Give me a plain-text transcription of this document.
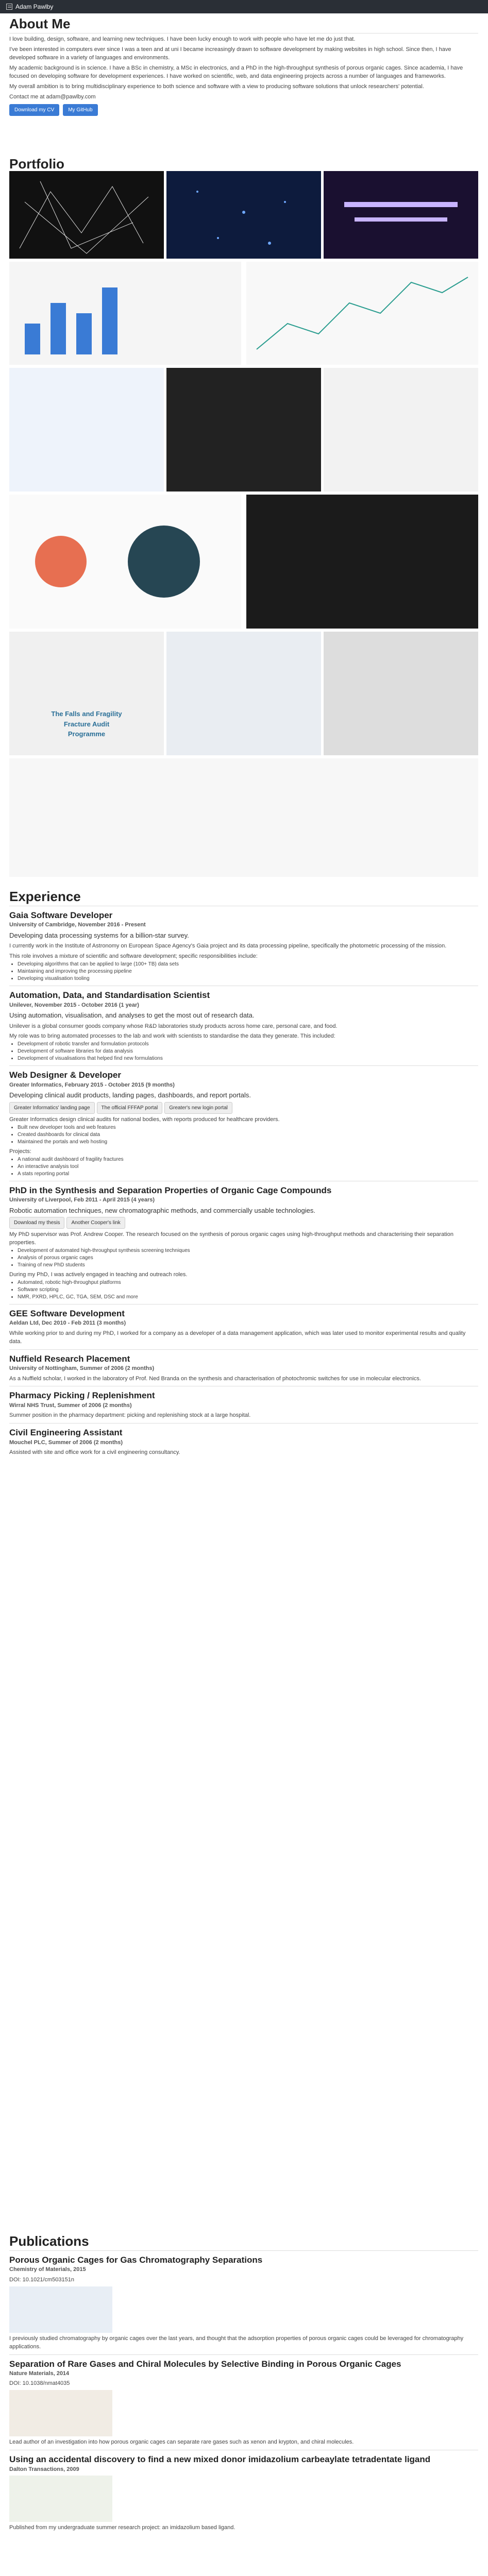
Adam Pawlby
About Me

I love building, design, software, and learning new techniques. I have been lucky enough to work with people who have let me do just that.

I've been interested in computers ever since I was a teen and at uni I became increasingly drawn to software development by making websites in high school. Since then, I have developed software in a variety of languages and environments.

My academic background is in science. I have a BSc in chemistry, a MSc in electronics, and a PhD in the high-throughput synthesis of porous organic cages. Since academia, I have focused on developing software for development experiences. I have worked on scientific, web, and data engineering projects across a number of languages and frameworks.

My overall ambition is to bring multidisciplinary experience to both science and software with a view to producing software solutions that unlock researchers' potential.

Contact me at adam@pawlby.com

Download my CV	My GitHub
Portfolio
The Falls and Fragility Fracture Audit Programme
Experience
Gaia Software Developer
University of Cambridge, November 2016 - Present
Developing data processing systems for a billion-star survey.

I currently work in the Institute of Astronomy on European Space Agency's Gaia project and its data processing pipeline, specifically the photometric processing of the mission.

This role involves a mixture of scientific and software development; specific responsibilities include:

• Developing algorithms that can be applied to large (100+ TB) data sets
• Maintaining and improving the processing pipeline
• Developing visualisation tooling
Automation, Data, and Standardisation Scientist
Unilever, November 2015 - October 2016 (1 year)
Using automation, visualisation, and analyses to get the most out of research data.

Unilever is a global consumer goods company whose R&D laboratories study products across home care, personal care, and food.

My role was to bring automated processes to the lab and work with scientists to standardise the data they generate. This included:

• Development of robotic transfer and formulation protocols
• Development of software libraries for data analysis
• Development of visualisations that helped find new formulations
Web Designer & Developer
Greater Informatics, February 2015 - October 2015 (9 months)
Developing clinical audit products, landing pages, dashboards, and report portals.
Greater Informatics' landing page The official FFFAP portal Greater's new login portal

Greater Informatics design clinical audits for national bodies, with reports produced for healthcare providers.

• Built new developer tools and web features
• Created dashboards for clinical data
• Maintained the portals and web hosting

Projects:

• A national audit dashboard of fragility fractures
• An interactive analysis tool
• A stats reporting portal
PhD in the Synthesis and Separation Properties of Organic Cage Compounds
University of Liverpool, Feb 2011 - April 2015 (4 years)
Robotic automation techniques, new chromatographic methods, and commercially usable technologies.
Download my thesis Another Cooper's link

My PhD supervisor was Prof. Andrew Cooper. The research focused on the synthesis of porous organic cages using high-throughput methods and characterising their separation properties.

• Development of automated high-throughput synthesis screening techniques
• Analysis of porous organic cages
• Training of new PhD students

During my PhD, I was actively engaged in teaching and outreach roles.

• Automated, robotic high-throughput platforms
• Software scripting
• NMR, PXRD, HPLC, GC, TGA, SEM, DSC and more
GEE Software Development
Aeldan Ltd, Dec 2010 - Feb 2011 (3 months)

While working prior to and during my PhD, I worked for a company as a developer of a data management application, which was later used to monitor experimental results and quality data.

Nuffield Research Placement
University of Nottingham, Summer of 2006 (2 months)

As a Nuffield scholar, I worked in the laboratory of Prof. Ned Branda on the synthesis and characterisation of photochromic switches for use in molecular electronics.

Pharmacy Picking / Replenishment
Wirral NHS Trust, Summer of 2006 (2 months)

Summer position in the pharmacy department: picking and replenishing stock at a large hospital.

Civil Engineering Assistant
Mouchel PLC, Summer of 2006 (2 months)

Assisted with site and office work for a civil engineering consultancy.

Publications
Porous Organic Cages for Gas Chromatography Separations
Chemistry of Materials, 2015
DOI: 10.1021/cm503151n

I previously studied chromatography by organic cages over the last years, and thought that the adsorption properties of porous organic cages could be leveraged for chromatography applications.

Separation of Rare Gases and Chiral Molecules by Selective Binding in Porous Organic Cages
Nature Materials, 2014
DOI: 10.1038/nmat4035

Lead author of an investigation into how porous organic cages can separate rare gases such as xenon and krypton, and chiral molecules.

Using an accidental discovery to find a new mixed donor imidazolium carbeaylate tetradentate ligand
Dalton Transactions, 2009

Published from my undergraduate summer research project: an imidazolium based ligand.
